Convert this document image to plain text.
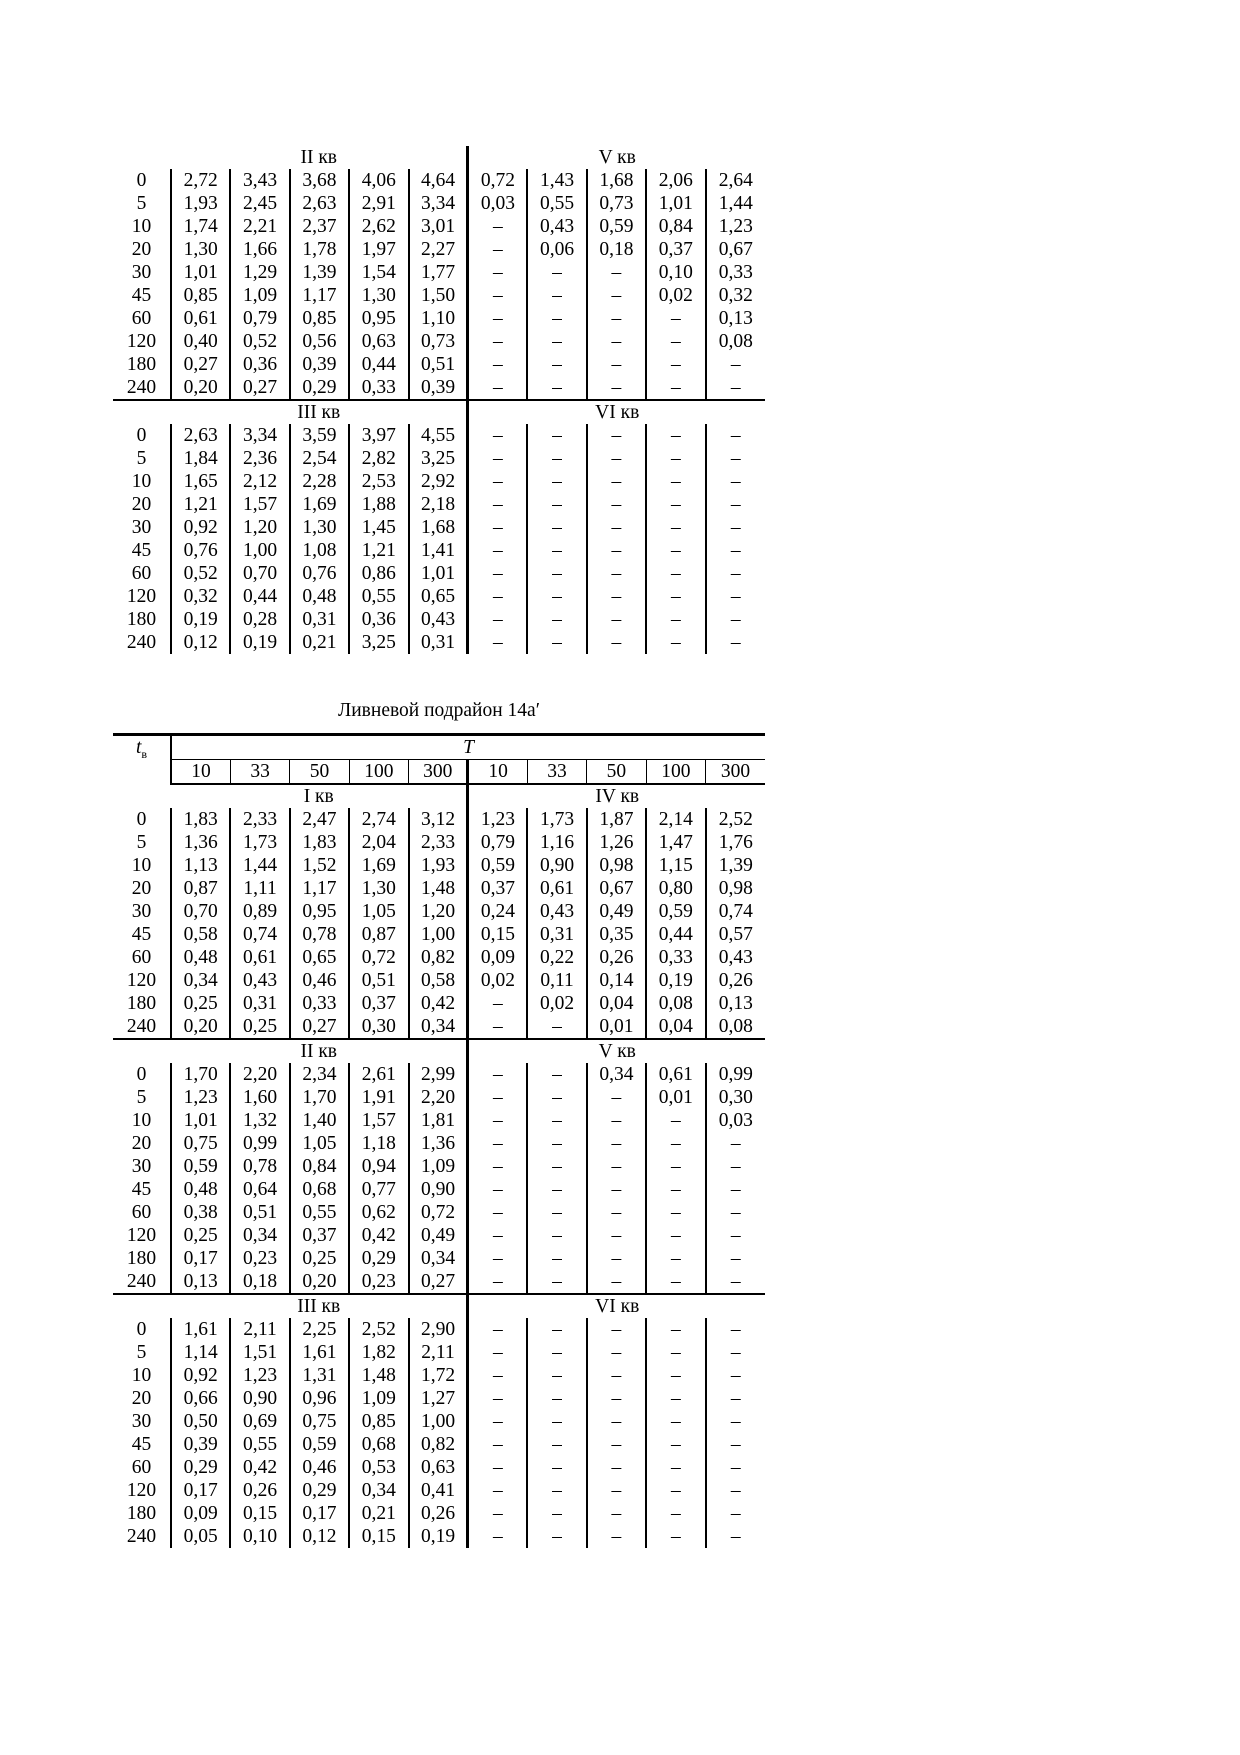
	II кв					V кв				
0	2,72	3,43	3,68	4,06	4,64	0,72	1,43	1,68	2,06	2,64
5	1,93	2,45	2,63	2,91	3,34	0,03	0,55	0,73	1,01	1,44
10	1,74	2,21	2,37	2,62	3,01	–	0,43	0,59	0,84	1,23
20	1,30	1,66	1,78	1,97	2,27	–	0,06	0,18	0,37	0,67
30	1,01	1,29	1,39	1,54	1,77	–	–	–	0,10	0,33
45	0,85	1,09	1,17	1,30	1,50	–	–	–	0,02	0,32
60	0,61	0,79	0,85	0,95	1,10	–	–	–	–	0,13
120	0,40	0,52	0,56	0,63	0,73	–	–	–	–	0,08
180	0,27	0,36	0,39	0,44	0,51	–	–	–	–	–
240	0,20	0,27	0,29	0,33	0,39	–	–	–	–	–
	III кв					VI кв				
0	2,63	3,34	3,59	3,97	4,55	–	–	–	–	–
5	1,84	2,36	2,54	2,82	3,25	–	–	–	–	–
10	1,65	2,12	2,28	2,53	2,92	–	–	–	–	–
20	1,21	1,57	1,69	1,88	2,18	–	–	–	–	–
30	0,92	1,20	1,30	1,45	1,68	–	–	–	–	–
45	0,76	1,00	1,08	1,21	1,41	–	–	–	–	–
60	0,52	0,70	0,76	0,86	1,01	–	–	–	–	–
120	0,32	0,44	0,48	0,55	0,65	–	–	–	–	–
180	0,19	0,28	0,31	0,36	0,43	–	–	–	–	–
240	0,12	0,19	0,21	3,25	0,31	–	–	–	–	–
Ливневой подрайон 14а′
$t_в$	T									
	10	33	50	100	300	10	33	50	100	300
	I кв					IV кв				
0	1,83	2,33	2,47	2,74	3,12	1,23	1,73	1,87	2,14	2,52
5	1,36	1,73	1,83	2,04	2,33	0,79	1,16	1,26	1,47	1,76
10	1,13	1,44	1,52	1,69	1,93	0,59	0,90	0,98	1,15	1,39
20	0,87	1,11	1,17	1,30	1,48	0,37	0,61	0,67	0,80	0,98
30	0,70	0,89	0,95	1,05	1,20	0,24	0,43	0,49	0,59	0,74
45	0,58	0,74	0,78	0,87	1,00	0,15	0,31	0,35	0,44	0,57
60	0,48	0,61	0,65	0,72	0,82	0,09	0,22	0,26	0,33	0,43
120	0,34	0,43	0,46	0,51	0,58	0,02	0,11	0,14	0,19	0,26
180	0,25	0,31	0,33	0,37	0,42	–	0,02	0,04	0,08	0,13
240	0,20	0,25	0,27	0,30	0,34	–	–	0,01	0,04	0,08
	II кв					V кв				
0	1,70	2,20	2,34	2,61	2,99	–	–	0,34	0,61	0,99
5	1,23	1,60	1,70	1,91	2,20	–	–	–	0,01	0,30
10	1,01	1,32	1,40	1,57	1,81	–	–	–	–	0,03
20	0,75	0,99	1,05	1,18	1,36	–	–	–	–	–
30	0,59	0,78	0,84	0,94	1,09	–	–	–	–	–
45	0,48	0,64	0,68	0,77	0,90	–	–	–	–	–
60	0,38	0,51	0,55	0,62	0,72	–	–	–	–	–
120	0,25	0,34	0,37	0,42	0,49	–	–	–	–	–
180	0,17	0,23	0,25	0,29	0,34	–	–	–	–	–
240	0,13	0,18	0,20	0,23	0,27	–	–	–	–	–
	III кв					VI кв				
0	1,61	2,11	2,25	2,52	2,90	–	–	–	–	–
5	1,14	1,51	1,61	1,82	2,11	–	–	–	–	–
10	0,92	1,23	1,31	1,48	1,72	–	–	–	–	–
20	0,66	0,90	0,96	1,09	1,27	–	–	–	–	–
30	0,50	0,69	0,75	0,85	1,00	–	–	–	–	–
45	0,39	0,55	0,59	0,68	0,82	–	–	–	–	–
60	0,29	0,42	0,46	0,53	0,63	–	–	–	–	–
120	0,17	0,26	0,29	0,34	0,41	–	–	–	–	–
180	0,09	0,15	0,17	0,21	0,26	–	–	–	–	–
240	0,05	0,10	0,12	0,15	0,19	–	–	–	–	–
